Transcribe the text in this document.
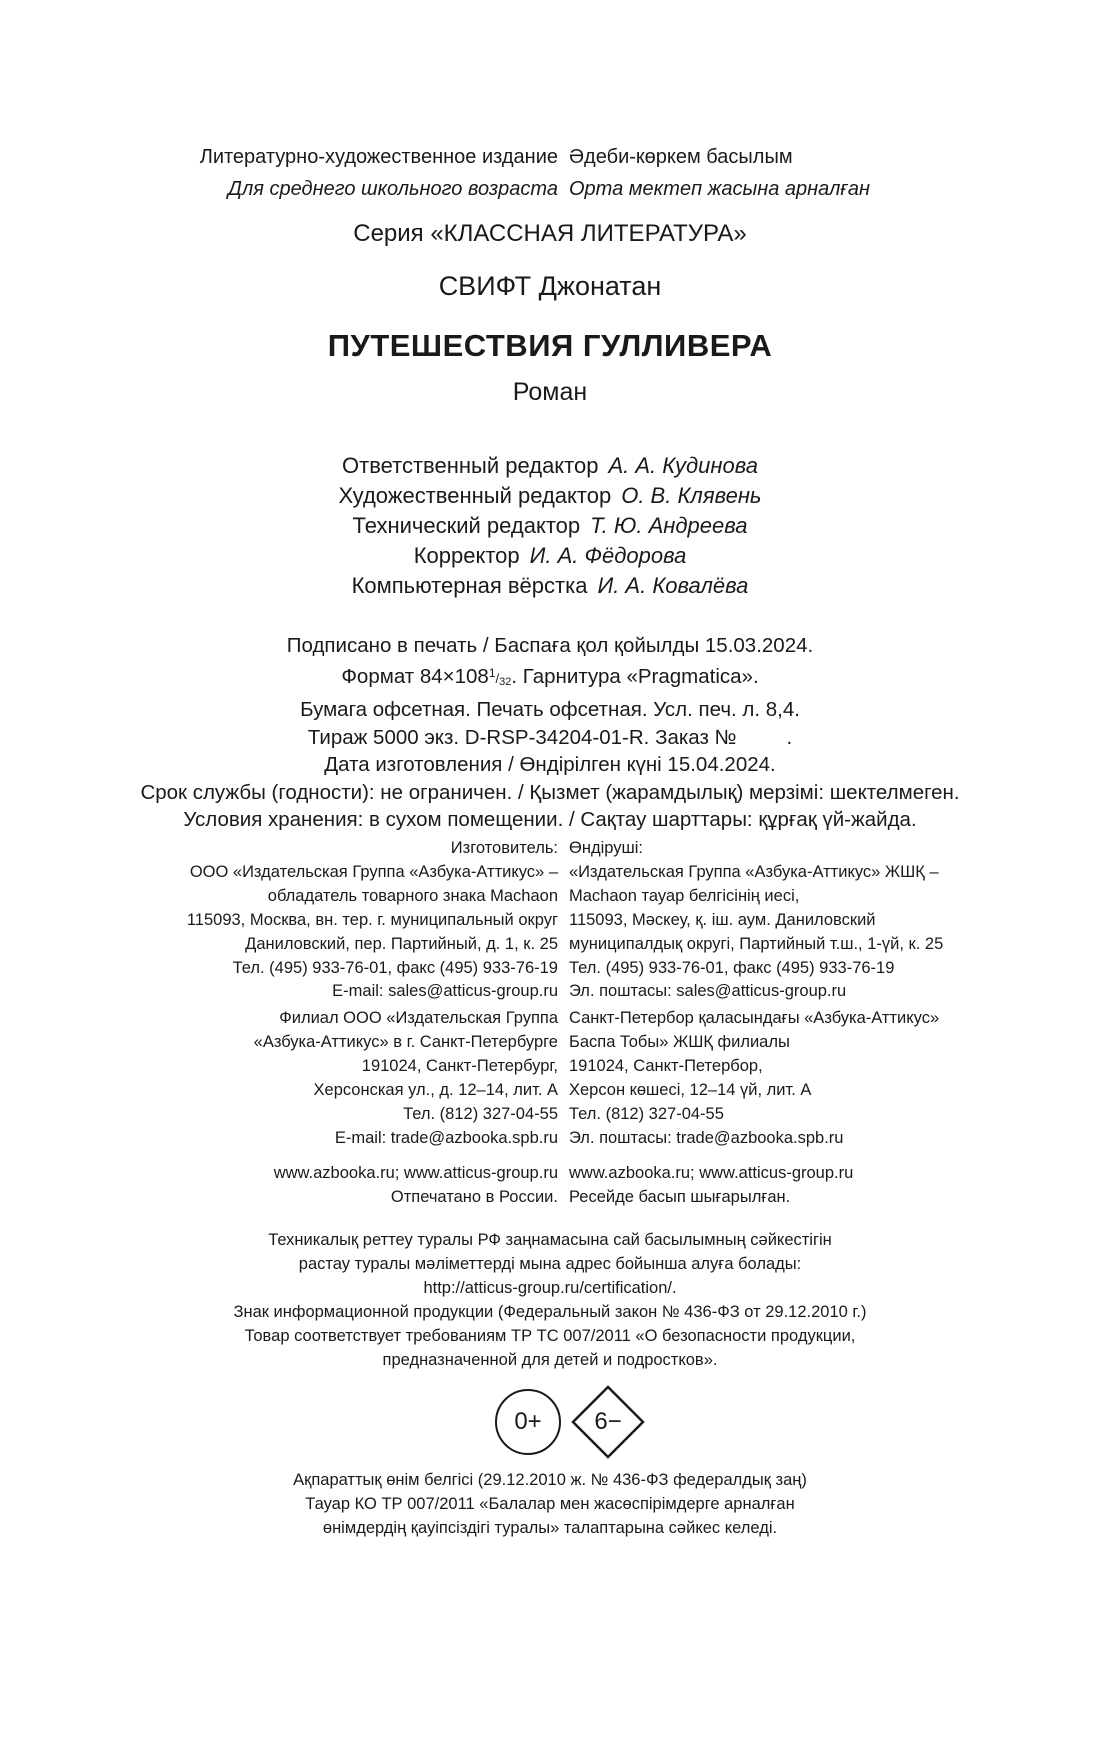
Литературно-художественное издание Әдеби-көркем басылым
Для среднего школьного возраста Орта мектеп жасына арналған
Серия «КЛАССНАЯ ЛИТЕРАТУРА»
СВИФТ Джонатан
ПУТЕШЕСТВИЯ ГУЛЛИВЕРА
Роман
Ответственный редактор А. А. Кудинова
Художественный редактор О. В. Клявень
Технический редактор Т. Ю. Андреева
Корректор И. А. Фёдорова
Компьютерная вёрстка И. А. Ковалёва
Подписано в печать / Баспаға қол қойылды 15.03.2024.
Формат $84\times 108^1/_{32}$. Гарнитура «Pragmatica».
Бумага офсетная. Печать офсетная. Усл. печ. л. 8,4.
Тираж 5000 экз. D-RSP-34204-01-R. Заказ № .
Дата изготовления / Өндірілген күні 15.04.2024.
Срок службы (годности): не ограничен. / Қызмет (жарамдылық) мерзімі: шектелмеген.
Условия хранения: в сухом помещении. / Сақтау шарттары: құрғақ үй-жайда.
Изготовитель:
ООО «Издательская Группа «Азбука-Аттикус» –
обладатель товарного знака Machaon
115093, Москва, вн. тер. г. муниципальный округ
Даниловский, пер. Партийный, д. 1, к. 25
Тел. (495) 933-76-01, факс (495) 933-76-19
E-mail: sales@atticus-group.ru
Өндіруші:
«Издательская Группа «Азбука-Аттикус» ЖШҚ –
Machaon тауар белгісінің иесі,
115093, Мәскеу, қ. іш. аум. Даниловский
муниципалдық округі, Партийный т.ш., 1-үй, к. 25
Тел. (495) 933-76-01, факс (495) 933-76-19
Эл. поштасы: sales@atticus-group.ru
Филиал ООО «Издательская Группа
«Азбука-Аттикус» в г. Санкт-Петербурге
191024, Санкт-Петербург,
Херсонская ул., д. 12–14, лит. А
Тел. (812) 327-04-55
E-mail: trade@azbooka.spb.ru
Санкт-Петербор қаласындағы «Азбука-Аттикус»
Баспа Тобы» ЖШҚ филиалы
191024, Санкт-Петербор,
Херсон көшесі, 12–14 үй, лит. А
Тел. (812) 327-04-55
Эл. поштасы: trade@azbooka.spb.ru
www.azbooka.ru; www.atticus-group.ru
Отпечатано в России.
www.azbooka.ru; www.atticus-group.ru
Ресейде басып шығарылған.
Техникалық реттеу туралы РФ заңнамасына сай басылымның сәйкестігін
растау туралы мәліметтерді мына адрес бойынша алуға болады:
http://atticus-group.ru/certification/.
Знак информационной продукции (Федеральный закон № 436-ФЗ от 29.12.2010 г.)
Товар соответствует требованиям ТР ТС 007/2011 «О безопасности продукции,
предназначенной для детей и подростков».
0+	6−
Ақпараттық өнім белгісі (29.12.2010 ж. № 436-ФЗ федералдық заң)
Тауар КО ТР 007/2011 «Балалар мен жасөспірімдерге арналған
өнімдердің қауіпсіздігі туралы» талаптарына сәйкес келеді.
